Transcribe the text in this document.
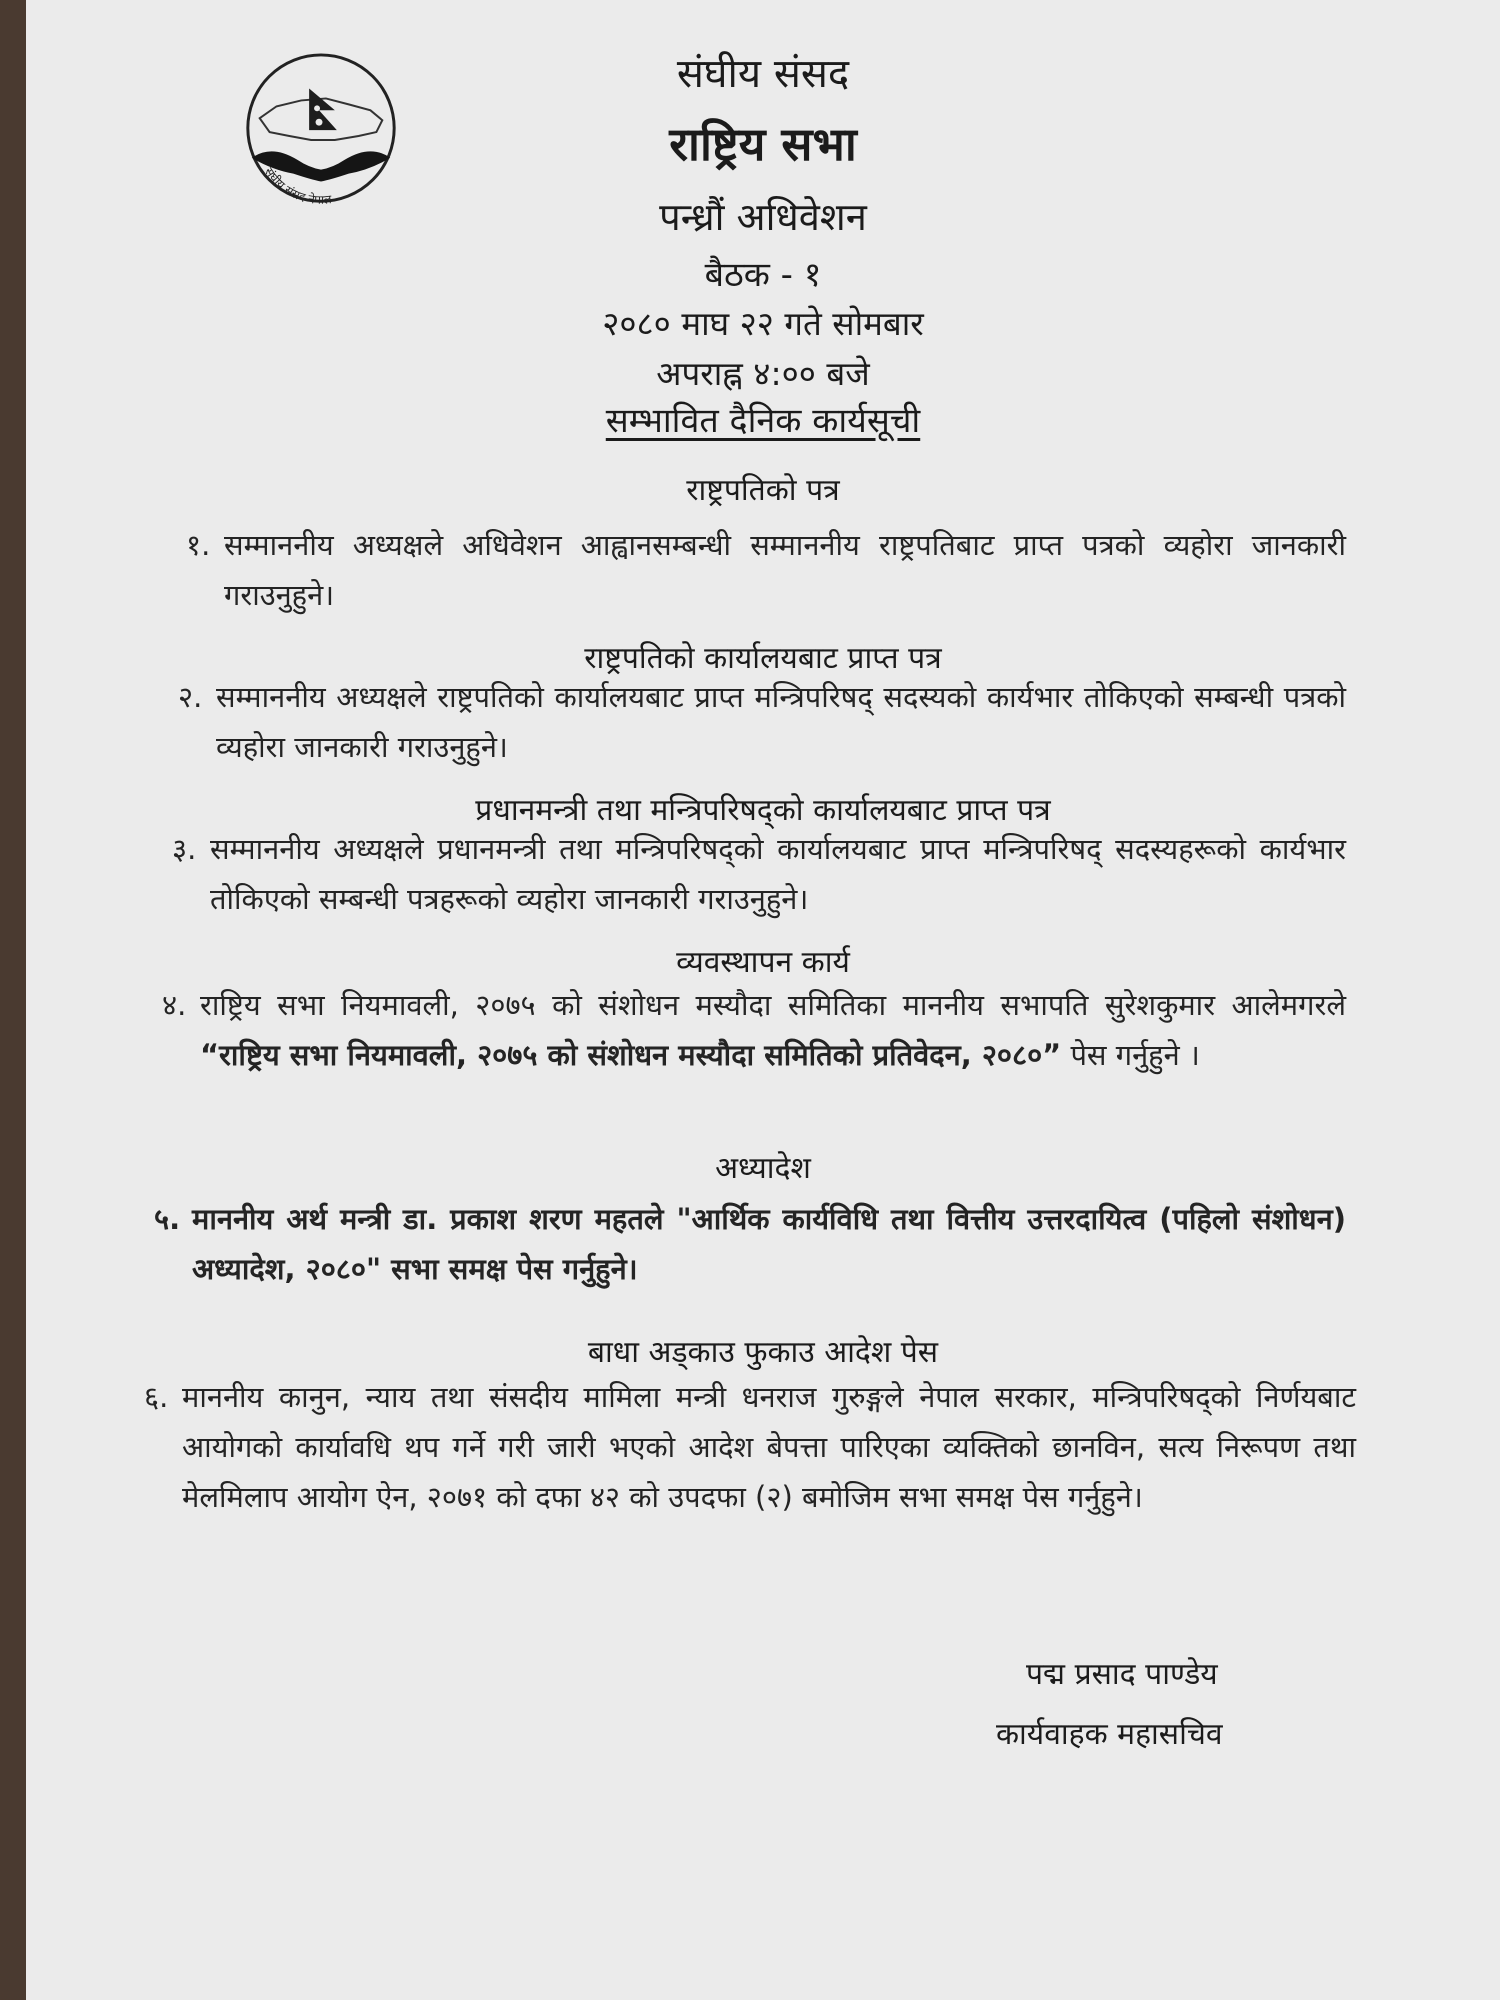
संघीय संसद नेपाल
संघीय संसद
राष्ट्रिय सभा
पन्ध्रौं अधिवेशन
बैठक - १
२०८० माघ २२ गते सोमबार
अपराह्न ४:०० बजे
सम्भावित दैनिक कार्यसूची
राष्ट्रपतिको पत्र
१. सम्माननीय अध्यक्षले अधिवेशन आह्वानसम्बन्धी सम्माननीय राष्ट्रपतिबाट प्राप्त पत्रको व्यहोरा जानकारी गराउनुहुने।
राष्ट्रपतिको कार्यालयबाट प्राप्त पत्र
२. सम्माननीय अध्यक्षले राष्ट्रपतिको कार्यालयबाट प्राप्त मन्त्रिपरिषद् सदस्यको कार्यभार तोकिएको सम्बन्धी पत्रको व्यहोरा जानकारी गराउनुहुने।
प्रधानमन्त्री तथा मन्त्रिपरिषद्को कार्यालयबाट प्राप्त पत्र
३. सम्माननीय अध्यक्षले प्रधानमन्त्री तथा मन्त्रिपरिषद्को कार्यालयबाट प्राप्त मन्त्रिपरिषद् सदस्यहरूको कार्यभार तोकिएको सम्बन्धी पत्रहरूको व्यहोरा जानकारी गराउनुहुने।
व्यवस्थापन कार्य
४. राष्ट्रिय सभा नियमावली, २०७५ को संशोधन मस्यौदा समितिका माननीय सभापति सुरेशकुमार आलेमगरले “राष्ट्रिय सभा नियमावली, २०७५ को संशोधन मस्यौदा समितिको प्रतिवेदन, २०८०” पेस गर्नुहुने ।
अध्यादेश
५. माननीय अर्थ मन्त्री डा. प्रकाश शरण महतले "आर्थिक कार्यविधि तथा वित्तीय उत्तरदायित्व (पहिलो संशोधन) अध्यादेश, २०८०" सभा समक्ष पेस गर्नुहुने।
बाधा अड्काउ फुकाउ आदेश पेस
६. माननीय कानुन, न्याय तथा संसदीय मामिला मन्त्री धनराज गुरुङ्गले नेपाल सरकार, मन्त्रिपरिषद्को निर्णयबाट आयोगको कार्यावधि थप गर्ने गरी जारी भएको आदेश बेपत्ता पारिएका व्यक्तिको छानविन, सत्य निरूपण तथा मेलमिलाप आयोग ऐन, २०७१ को दफा ४२ को उपदफा (२) बमोजिम सभा समक्ष पेस गर्नुहुने।
पद्म प्रसाद पाण्डेय
कार्यवाहक महासचिव
